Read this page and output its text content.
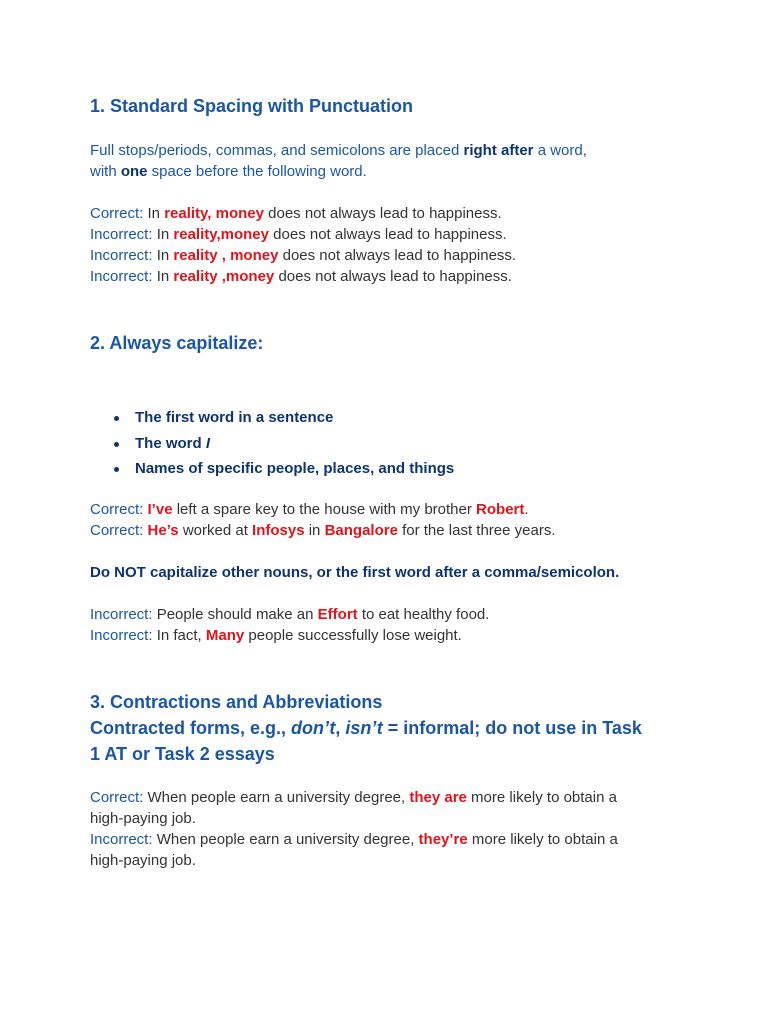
1. Standard Spacing with Punctuation
Full stops/periods, commas, and semicolons are placed right after a word,
with one space before the following word.
Correct: In reality, money does not always lead to happiness.
Incorrect: In reality,money does not always lead to happiness.
Incorrect: In reality , money does not always lead to happiness.
Incorrect: In reality ,money does not always lead to happiness.
2. Always capitalize:
The first word in a sentence
The word I
Names of specific people, places, and things
Correct: I’ve left a spare key to the house with my brother Robert.
Correct: He’s worked at Infosys in Bangalore for the last three years.
Do NOT capitalize other nouns, or the first word after a comma/semicolon.
Incorrect: People should make an Effort to eat healthy food.
Incorrect: In fact, Many people successfully lose weight.
3. Contractions and Abbreviations
Contracted forms, e.g., don’t, isn’t = informal; do not use in Task
1 AT or Task 2 essays
Correct: When people earn a university degree, they are more likely to obtain a
high-paying job.
Incorrect: When people earn a university degree, they’re more likely to obtain a
high-paying job.
